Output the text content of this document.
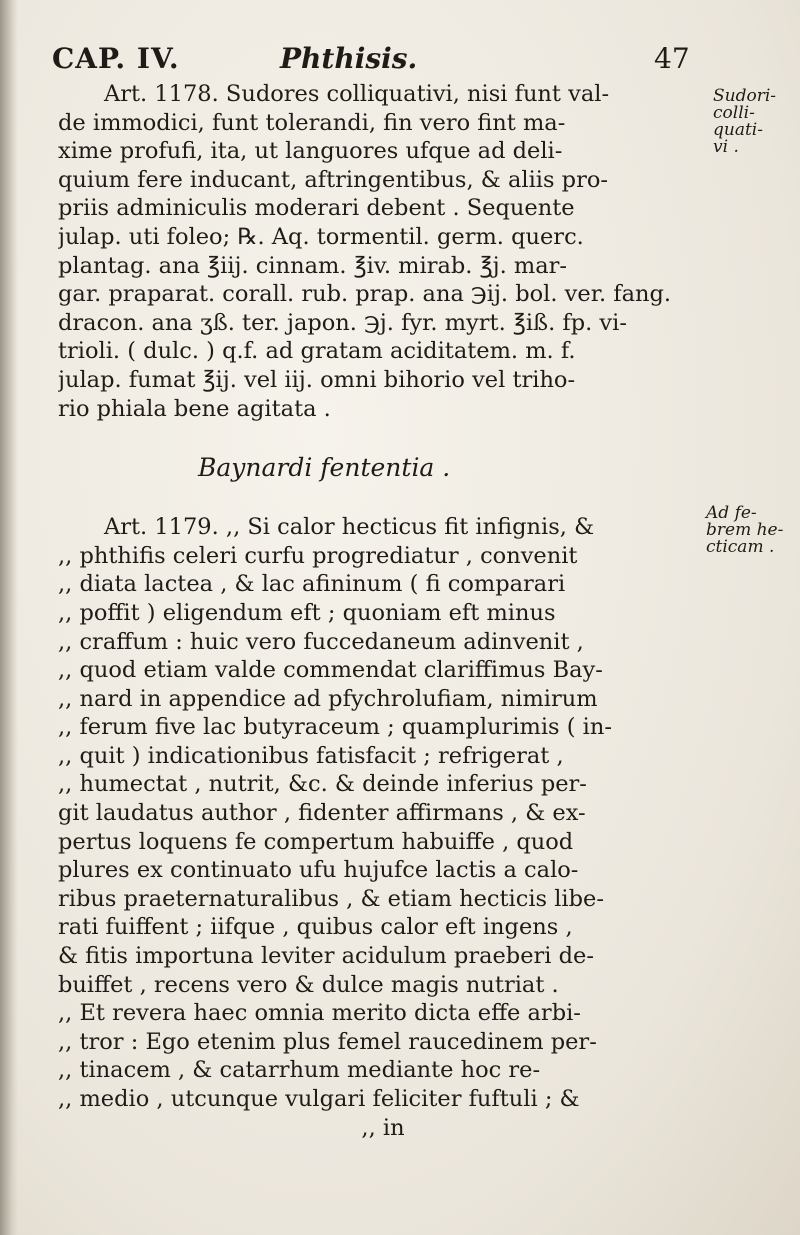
CAP. IV.	Phthisis.	47
Art. 1178. Sudores colliquativi, nisi funt val-
de immodici, funt tolerandi, fin vero fint ma-
xime profufi, ita, ut languores ufque ad deli-
quium fere inducant, aftringentibus, & aliis pro-
priis adminiculis moderari debent . Sequente
julap. uti foleo; ℞. Aq. tormentil. germ. querc.
plantag. ana ℥iij. cinnam. ℥iv. mirab. ℥j. mar-
gar. praparat. corall. rub. prap. ana ℈ij. bol. ver. fang.
dracon. ana ʒß. ter. japon. ℈j. fyr. myrt. ℥iß. fp. vi-
trioli. ( dulc. ) q.f. ad gratam aciditatem. m. f.
julap. fumat ℥ij. vel iij. omni bihorio vel triho-
rio phiala bene agitata .
Baynardi fententia .
Art. 1179. ,, Si calor hecticus fit infignis, &
,, phthifis celeri curfu progrediatur , convenit
,, diata lactea , & lac afininum ( fi comparari
,, poffit ) eligendum eft ; quoniam eft minus
,, craffum : huic vero fuccedaneum adinvenit ,
,, quod etiam valde commendat clariffimus Bay-
,, nard in appendice ad pfychrolufiam, nimirum
,, ferum five lac butyraceum ; quamplurimis ( in-
,, quit ) indicationibus fatisfacit ; refrigerat ,
,, humectat , nutrit, &c. & deinde inferius per-
git laudatus author , fidenter affirmans , & ex-
pertus loquens fe compertum habuiffe , quod
plures ex continuato ufu hujufce lactis a calo-
ribus praeternaturalibus , & etiam hecticis libe-
rati fuiffent ; iifque , quibus calor eft ingens ,
& fitis importuna leviter acidulum praeberi de-
buiffet , recens vero & dulce magis nutriat .
,, Et revera haec omnia merito dicta effe arbi-
,, tror : Ego etenim plus femel raucedinem per-
,, tinacem , & catarrhum mediante hoc re-
,, medio , utcunque vulgari feliciter fuftuli ; &
,, in
Sudori-
colli-
quati-
vi .
Ad fe-
brem he-
cticam .
